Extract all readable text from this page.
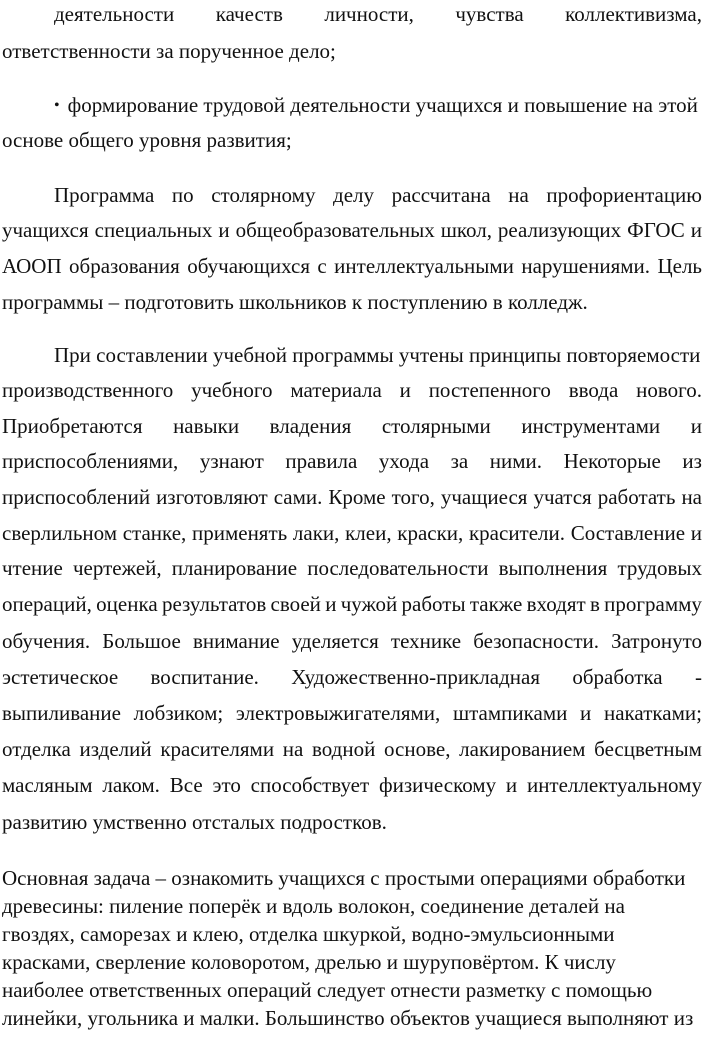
деятельности качеств личности, чувства коллективизма,
ответственности за порученное дело;
• формирование трудовой деятельности учащихся и повышение на этой
основе общего уровня развития;
Программа по столярному делу рассчитана на профориентацию
учащихся специальных и общеобразовательных школ, реализующих ФГОС и
АООП образования обучающихся с интеллектуальными нарушениями. Цель
программы – подготовить школьников к поступлению в колледж.
При составлении учебной программы учтены принципы повторяемости
производственного учебного материала и постепенного ввода нового.
Приобретаются навыки владения столярными инструментами и
приспособлениями, узнают правила ухода за ними. Некоторые из
приспособлений изготовляют сами. Кроме того, учащиеся учатся работать на
сверлильном станке, применять лаки, клеи, краски, красители. Составление и
чтение чертежей, планирование последовательности выполнения трудовых
операций, оценка результатов своей и чужой работы также входят в программу
обучения. Большое внимание уделяется технике безопасности. Затронуто
эстетическое воспитание. Художественно-прикладная обработка -
выпиливание лобзиком; электровыжигателями, штампиками и накатками;
отделка изделий красителями на водной основе, лакированием бесцветным
масляным лаком. Все это способствует физическому и интеллектуальному
развитию умственно отсталых подростков.
Основная задача – ознакомить учащихся с простыми операциями обработки
древесины: пиление поперёк и вдоль волокон, соединение деталей на
гвоздях, саморезах и клею, отделка шкуркой, водно-эмульсионными
красками, сверление коловоротом, дрелью и шуруповёртом. К числу
наиболее ответственных операций следует отнести разметку с помощью
линейки, угольника и малки. Большинство объектов учащиеся выполняют из
